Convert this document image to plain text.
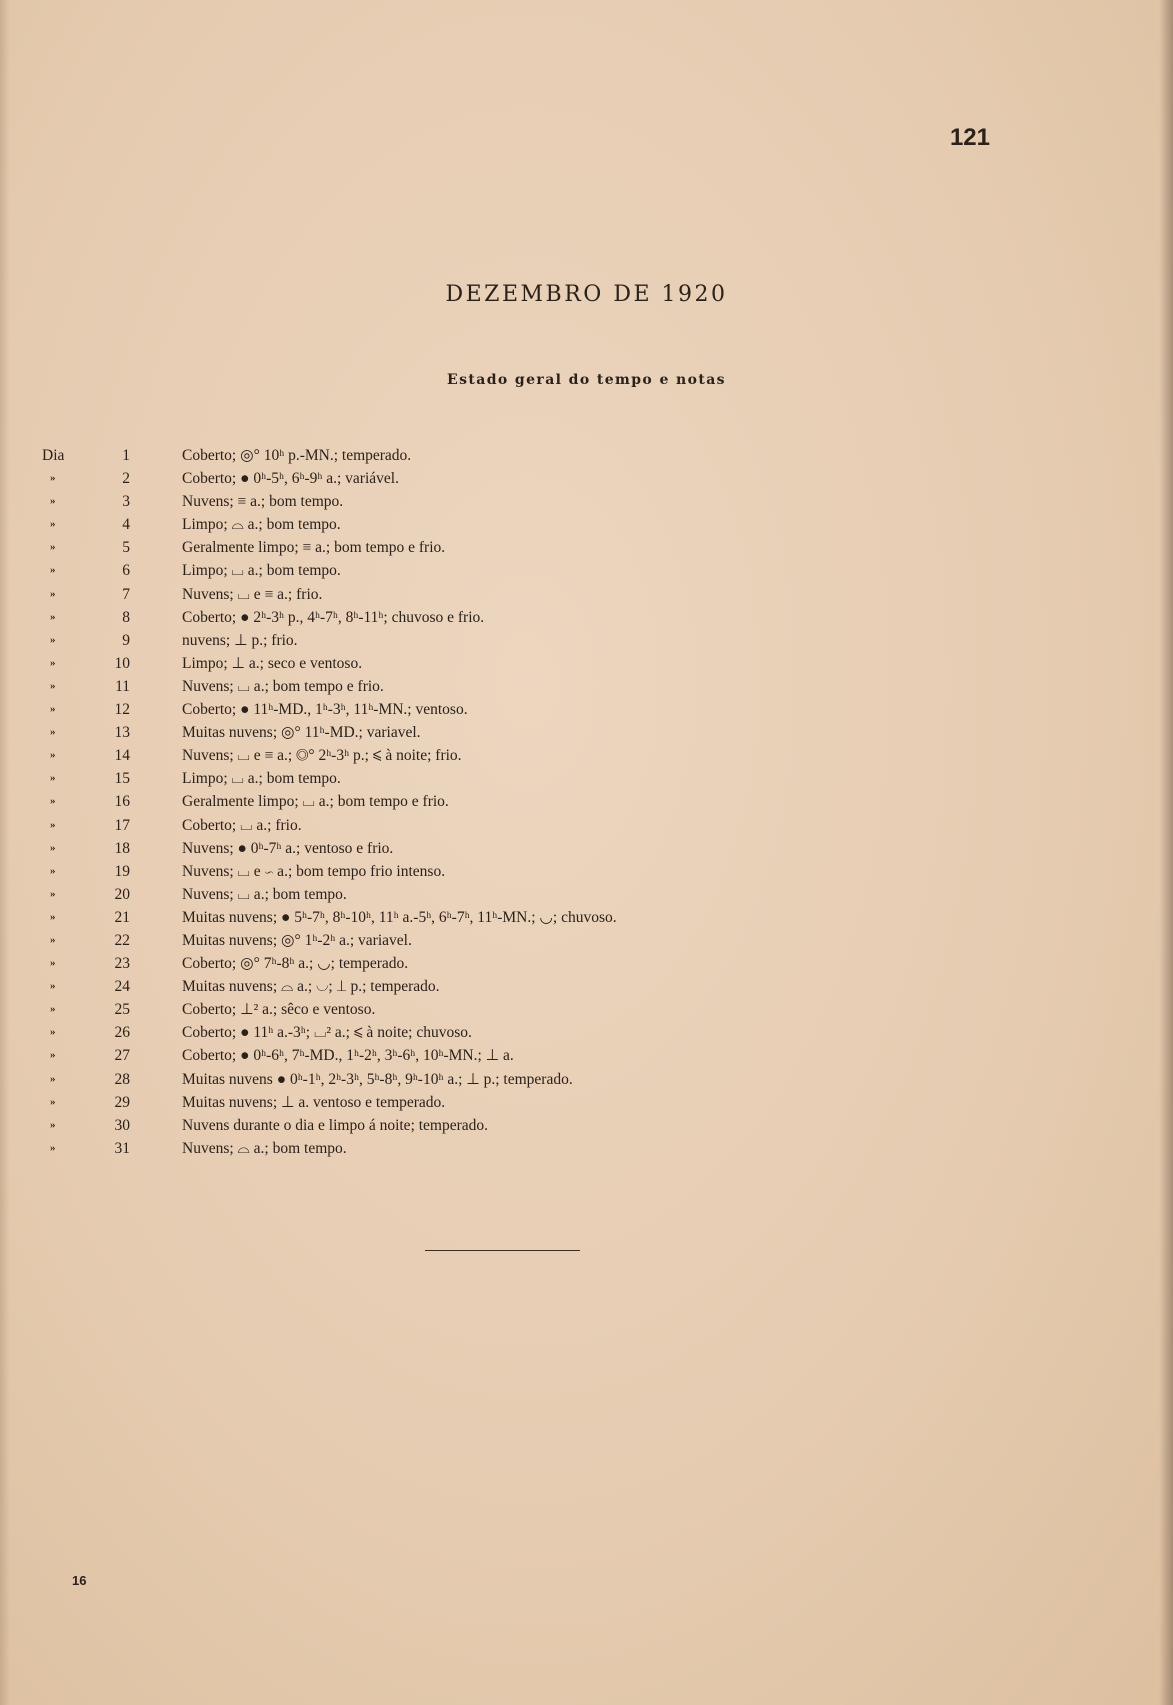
121
DEZEMBRO DE 1920
Estado geral do tempo e notas
Dia	1	Coberto; ◎° 10ʰ p.-MN.; temperado.
»	2	Coberto; ● 0ʰ-5ʰ, 6ʰ-9ʰ a.; variável.
»	3	Nuvens; ≡ a.; bom tempo.
»	4	Limpo; ⌓ a.; bom tempo.
»	5	Geralmente limpo; ≡ a.; bom tempo e frio.
»	6	Limpo; ⌴ a.; bom tempo.
»	7	Nuvens; ⌴ e ≡ a.; frio.
»	8	Coberto; ● 2ʰ-3ʰ p., 4ʰ-7ʰ, 8ʰ-11ʰ; chuvoso e frio.
»	9	nuvens; ⊥ p.; frio.
»	10	Limpo; ⊥ a.; seco e ventoso.
»	11	Nuvens; ⌴ a.; bom tempo e frio.
»	12	Coberto; ● 11ʰ-MD., 1ʰ-3ʰ, 11ʰ-MN.; ventoso.
»	13	Muitas nuvens; ◎° 11ʰ-MD.; variavel.
»	14	Nuvens; ⌴ e ≡ a.; ◎° 2ʰ-3ʰ p.; ⩽ à noite; frio.
»	15	Limpo; ⌴ a.; bom tempo.
»	16	Geralmente limpo; ⌴ a.; bom tempo e frio.
»	17	Coberto; ⌴ a.; frio.
»	18	Nuvens; ● 0ʰ-7ʰ a.; ventoso e frio.
»	19	Nuvens; ⌴ e ∽ a.; bom tempo frio intenso.
»	20	Nuvens; ⌴ a.; bom tempo.
»	21	Muitas nuvens; ● 5ʰ-7ʰ, 8ʰ-10ʰ, 11ʰ a.-5ʰ, 6ʰ-7ʰ, 11ʰ-MN.; ◡; chuvoso.
»	22	Muitas nuvens; ◎° 1ʰ-2ʰ a.; variavel.
»	23	Coberto; ◎° 7ʰ-8ʰ a.; ◡; temperado.
»	24	Muitas nuvens; ⌓ a.; ◡; ⊥ p.; temperado.
»	25	Coberto; ⊥² a.; sêco e ventoso.
»	26	Coberto; ● 11ʰ a.-3ʰ; ⌴² a.; ⩽ à noite; chuvoso.
»	27	Coberto; ● 0ʰ-6ʰ, 7ʰ-MD., 1ʰ-2ʰ, 3ʰ-6ʰ, 10ʰ-MN.; ⊥ a.
»	28	Muitas nuvens ● 0ʰ-1ʰ, 2ʰ-3ʰ, 5ʰ-8ʰ, 9ʰ-10ʰ a.; ⊥ p.; temperado.
»	29	Muitas nuvens; ⊥ a. ventoso e temperado.
»	30	Nuvens durante o dia e limpo á noite; temperado.
»	31	Nuvens; ⌓ a.; bom tempo.
16
